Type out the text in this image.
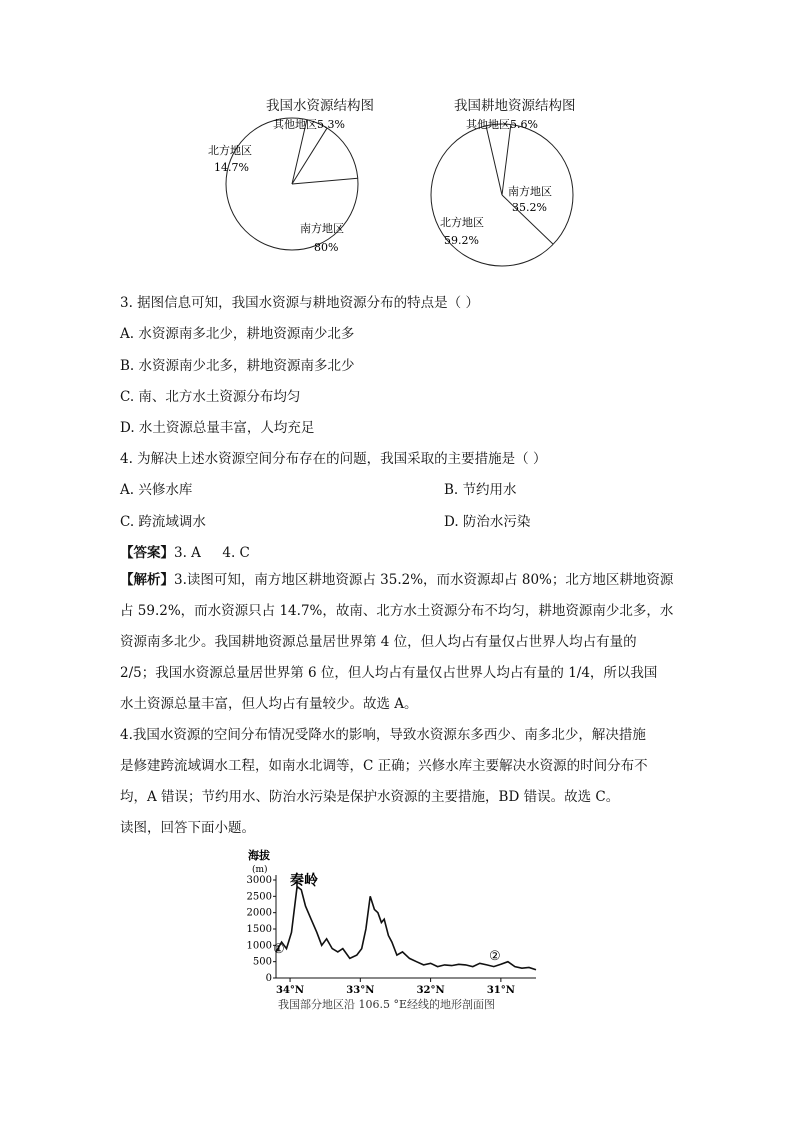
我国水资源结构图
其他地区5.3%
北方地区
14.7%
南方地区
80%
我国耕地资源结构图
其他地区5.6%
南方地区
35.2%
北方地区
59.2%
3. 据图信息可知，我国水资源与耕地资源分布的特点是（ ）
A. 水资源南多北少，耕地资源南少北多
B. 水资源南少北多，耕地资源南多北少
C. 南、北方水土资源分布均匀
D. 水土资源总量丰富，人均充足
4. 为解决上述水资源空间分布存在的问题，我国采取的主要措施是（ ）
A. 兴修水库	B. 节约用水
C. 跨流域调水	D. 防治水污染
【答案】3. A     4. C
【解析】3.读图可知，南方地区耕地资源占 35.2%，而水资源却占 80%；北方地区耕地资源
占 59.2%，而水资源只占 14.7%，故南、北方水土资源分布不均匀，耕地资源南少北多，水
资源南多北少。我国耕地资源总量居世界第 4 位，但人均占有量仅占世界人均占有量的
2/5；我国水资源总量居世界第 6 位，但人均占有量仅占世界人均占有量的 1/4，所以我国
水土资源总量丰富，但人均占有量较少。故选 A。
4.我国水资源的空间分布情况受降水的影响，导致水资源东多西少、南多北少，解决措施
是修建跨流域调水工程，如南水北调等，C 正确；兴修水库主要解决水资源的时间分布不
均，A 错误；节约用水、防治水污染是保护水资源的主要措施，BD 错误。故选 C。
读图，回答下面小题。
海拔
(m)
3000
2500
2000
1500
1000
500
0
34°N	33°N	32°N	31°N
秦岭
①	②
我国部分地区沿 106.5 °E经线的地形剖面图
